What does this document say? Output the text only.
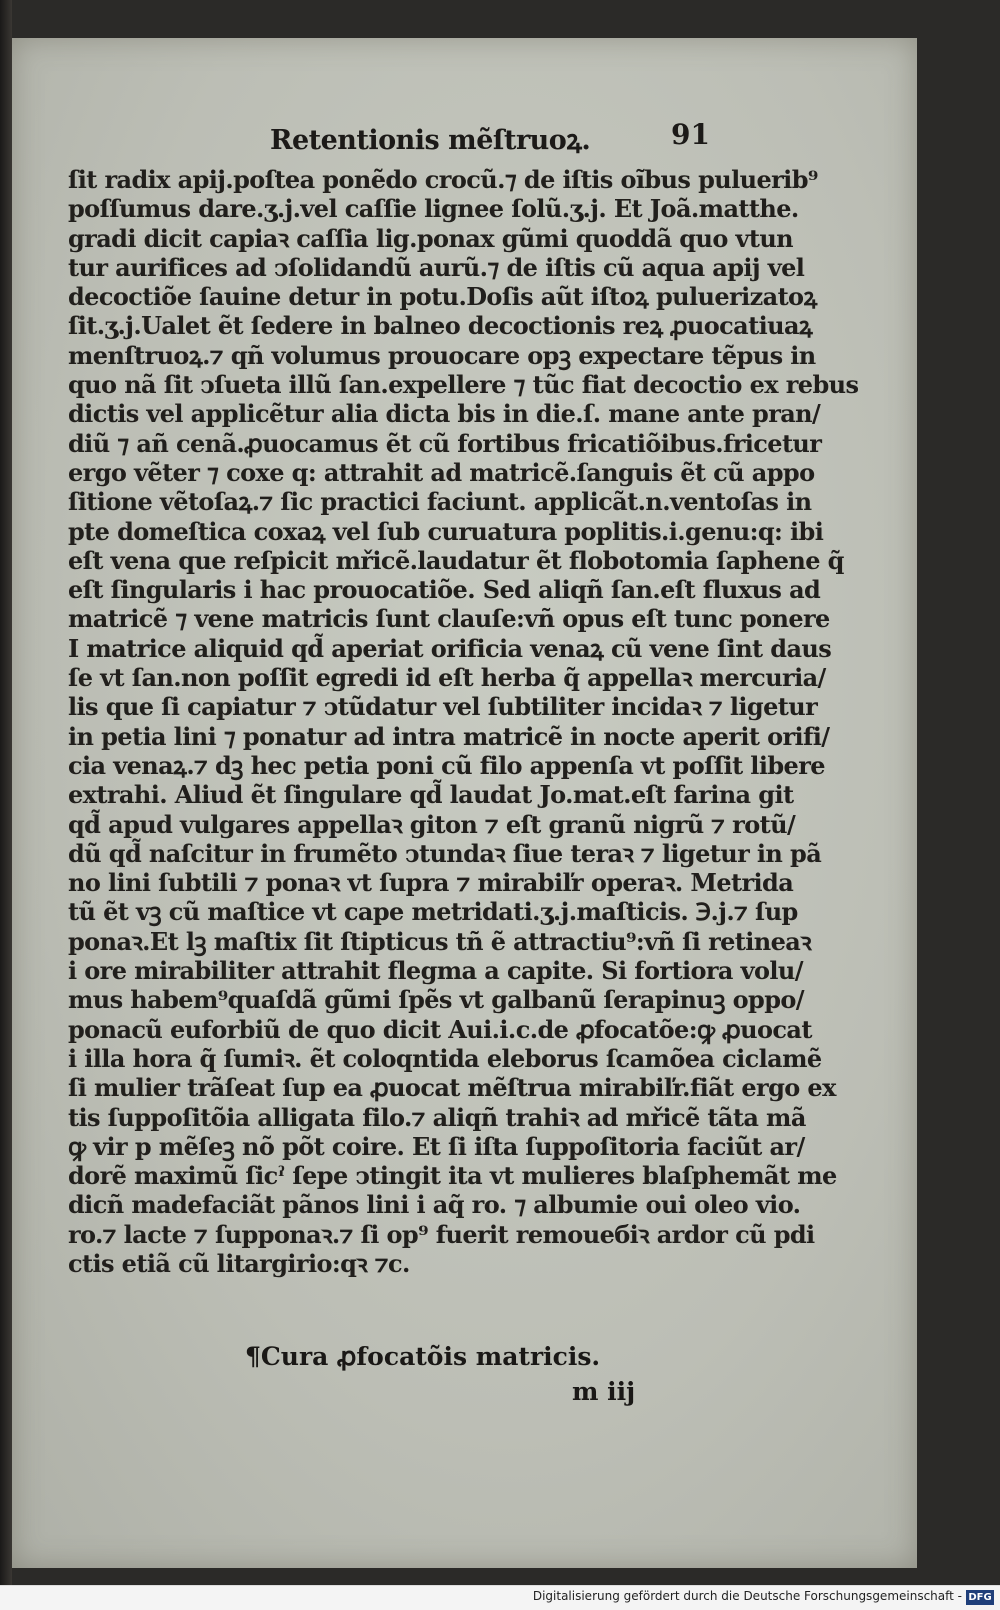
Retentionis mẽſtruoꝝ.	91
ſit radix apij.poſtea ponẽdo crocũ.⁊ de iſtis oĩbus puluerib⁹
poſſumus dare.ʒ.j.vel caſſie lignee ſolũ.ʒ.j. Et Joã.matthe.
gradi dicit capiaꝛ caſſia lig.ponax gũmi quoddã quo vtun
tur aurifices ad ↄſolidandũ aurũ.⁊ de iſtis cũ aqua apij vel
decoctiõe ſauine detur in potu.Doſis aũt iſtoꝝ puluerizatoꝝ
ſit.ʒ.j.Ualet ẽt ſedere in balneo decoctionis reꝝ ꝓuocatiuaꝝ
menſtruoꝝ.⁊ qñ volumus prouocare opꝫ expectare tẽpus in
quo nã ſit ↄſueta illũ ſan.expellere ⁊ tũc fiat decoctio ex rebus
dictis vel applicẽtur alia dicta bis in die.ſ. mane ante pran/
diũ ⁊ añ cenã.ꝓuocamus ẽt cũ fortibus fricatiõibus.fricetur
ergo vẽter ⁊ coxe q: attrahit ad matricẽ.ſanguis ẽt cũ appo
ſitione vẽtoſaꝝ.⁊ ſic practici faciunt. applicãt.n.ventoſas in
pte domeſtica coxaꝝ vel ſub curuatura poplitis.i.genu:q: ibi
eſt vena que reſpicit mřicẽ.laudatur ẽt flobotomia ſaphene q̃
eſt ſingularis i hac prouocatiõe. Sed aliqñ ſan.eſt fluxus ad
matricẽ ⁊ vene matricis ſunt clauſe:vñ opus eſt tunc ponere
I matrice aliquid qd̃ aperiat orificia venaꝝ cũ vene ſint daus
ſe vt ſan.non poſſit egredi id eſt herba q̃ appellaꝛ mercuria/
lis que ſi capiatur ⁊ ↄtũdatur vel ſubtiliter incidaꝛ ⁊ ligetur
in petia lini ⁊ ponatur ad intra matricẽ in nocte aperit orifi/
cia venaꝝ.⁊ dꝫ hec petia poni cũ filo appenſa vt poſſit libere
extrahi. Aliud ẽt ſingulare qd̃ laudat Jo.mat.eſt farina git
qd̃ apud vulgares appellaꝛ giton ⁊ eſt granũ nigrũ ⁊ rotũ/
dũ qd̃ naſcitur in frumẽto ↄtundaꝛ ſiue teraꝛ ⁊ ligetur in pã
no lini ſubtili ⁊ ponaꝛ vt ſupra ⁊ mirabiľr operaꝛ. Metrida
tũ ẽt vꝫ cũ maſtice vt cape metridati.ʒ.j.maſticis. ℈.j.⁊ ſup
ponaꝛ.Et lꝫ maſtix ſit ſtipticus tñ ẽ attractiu⁹:vñ ſi retineaꝛ
i ore mirabiliter attrahit flegma a capite. Si fortiora volu/
mus habem⁹quaſdã gũmi ſpẽs vt galbanũ ſerapinuꝫ oppo/
ponacũ euforbiũ de quo dicit Aui.i.c.de ꝓfocatõe:ꝙ ꝓuocat
i illa hora q̃ ſumiꝛ. ẽt coloqntida eleborus ſcamõea ciclamẽ
ſi mulier trãſeat ſup ea ꝓuocat mẽſtrua mirabiľr.fiãt ergo ex
tis ſuppoſitõia alligata filo.⁊ aliqñ trahiꝛ ad mřicẽ tãta mã
ꝙ vir p mẽſeꝫ nõ põt coire. Et ſi iſta ſuppoſitoria faciũt ar/
dorẽ maximũ ſicˀ ſepe ↄtingit ita vt mulieres blaſphemãt me
dicñ madefaciãt pãnos lini i aq̃ ro. ⁊ albumie oui oleo vio.
ro.⁊ lacte ⁊ ſupponaꝛ.⁊ ſi op⁹ fuerit remoueбiꝛ ardor cũ pdi
ctis etiã cũ litargirio:qꝛ ⁊c.
¶Cura ꝓfocatõis matricis.
m iij
Digitalisierung gefördert durch die Deutsche Forschungsgemeinschaft - DFG
